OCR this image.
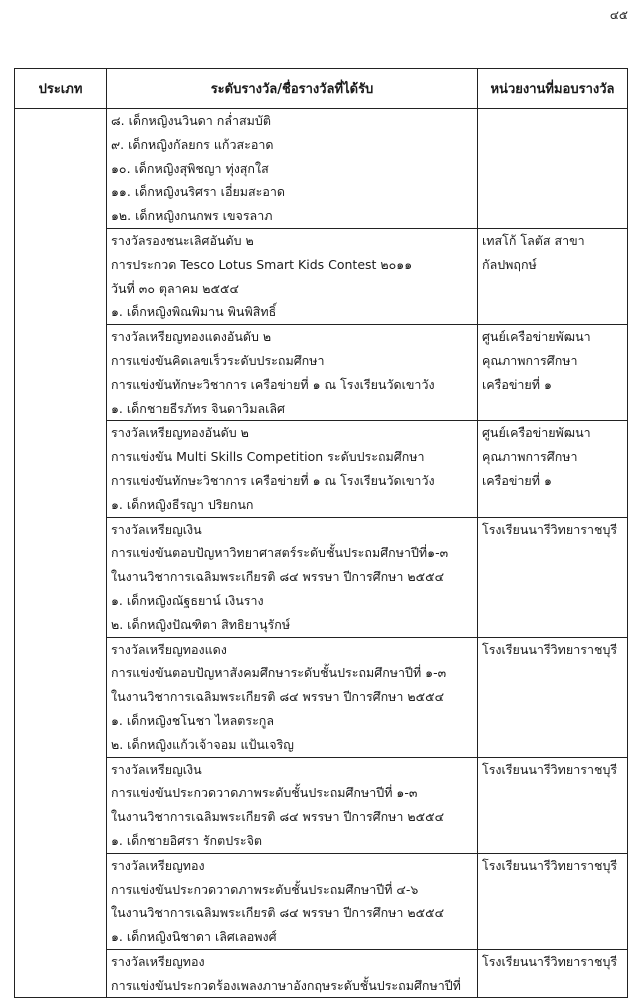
๔๕
ประเภท	ระดับรางวัล/ชื่อรางวัลที่ได้รับ	หน่วยงานที่มอบรางวัล

	๘. เด็กหญิงนวินดา กล่ำสมบัติ
๙. เด็กหญิงกัลยกร แก้วสะอาด
๑๐. เด็กหญิงสุพิชญา ทุ่งสุกใส
๑๑. เด็กหญิงนริศรา เอี่ยมสะอาด
๑๒. เด็กหญิงกนกพร เขจรลาภ	

	รางวัลรองชนะเลิศอันดับ ๒
การประกวด Tesco Lotus Smart Kids Contest ๒๐๑๑
วันที่ ๓๐ ตุลาคม ๒๕๕๔
๑. เด็กหญิงพิณพิมาน พินพิสิทธิ์	เทสโก้ โลตัส สาขา
กัลปพฤกษ์

	รางวัลเหรียญทองแดงอันดับ ๒
การแข่งขันคิดเลขเร็วระดับประถมศึกษา
การแข่งขันทักษะวิชาการ เครือข่ายที่ ๑ ณ โรงเรียนวัดเขาวัง
๑. เด็กชายธีรภัทร จินดาวิมลเลิศ	ศูนย์เครือข่ายพัฒนา
คุณภาพการศึกษา
เครือข่ายที่ ๑

	รางวัลเหรียญทองอันดับ ๒
การแข่งขัน Multi Skills Competition ระดับประถมศึกษา
การแข่งขันทักษะวิชาการ เครือข่ายที่ ๑ ณ โรงเรียนวัดเขาวัง
๑. เด็กหญิงธีรญา ปริยกนก	ศูนย์เครือข่ายพัฒนา
คุณภาพการศึกษา
เครือข่ายที่ ๑

	รางวัลเหรียญเงิน
การแข่งขันตอบปัญหาวิทยาศาสตร์ระดับชั้นประถมศึกษาปีที่๑-๓
ในงานวิชาการเฉลิมพระเกียรติ ๘๔ พรรษา ปีการศึกษา ๒๕๕๔
๑. เด็กหญิงณัฐธยาน์ เงินราง
๒. เด็กหญิงปัณฑิตา สิทธิยานุรักษ์	โรงเรียนนารีวิทยาราชบุรี

	รางวัลเหรียญทองแดง
การแข่งขันตอบปัญหาสังคมศึกษาระดับชั้นประถมศึกษาปีที่ ๑-๓
ในงานวิชาการเฉลิมพระเกียรติ ๘๔ พรรษา ปีการศึกษา ๒๕๕๔
๑. เด็กหญิงชโนชา ไหลตระกูล
๒. เด็กหญิงแก้วเจ้าจอม แป้นเจริญ	โรงเรียนนารีวิทยาราชบุรี

	รางวัลเหรียญเงิน
การแข่งขันประกวดวาดภาพระดับชั้นประถมศึกษาปีที่ ๑-๓
ในงานวิชาการเฉลิมพระเกียรติ ๘๔ พรรษา ปีการศึกษา ๒๕๕๔
๑. เด็กชายอิศรา รักตประจิต	โรงเรียนนารีวิทยาราชบุรี

	รางวัลเหรียญทอง
การแข่งขันประกวดวาดภาพระดับชั้นประถมศึกษาปีที่ ๔-๖
ในงานวิชาการเฉลิมพระเกียรติ ๘๔ พรรษา ปีการศึกษา ๒๕๕๔
๑. เด็กหญิงนิชาดา เลิศเลอพงศ์	โรงเรียนนารีวิทยาราชบุรี

	รางวัลเหรียญทอง
การแข่งขันประกวดร้องเพลงภาษาอังกฤษระดับชั้นประถมศึกษาปีที่	โรงเรียนนารีวิทยาราชบุรี
